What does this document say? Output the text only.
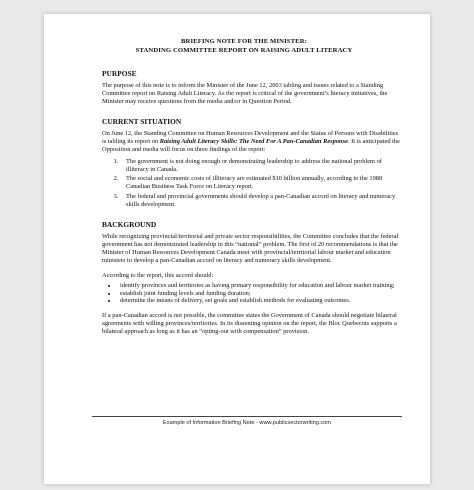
BRIEFING NOTE FOR THE MINISTER:
STANDING COMMITTEE REPORT ON RAISING ADULT LITERACY
PURPOSE

The purpose of this note is to inform the Minister of the June 12, 2003 tabling and issues related to a Standing Committee report on Raising Adult Literacy. As the report is critical of the government’s literacy initiatives, the Minister may receive questions from the media and/or in Question Period.

CURRENT SITUATION

On June 12, the Standing Committee on Human Resources Development and the Status of Persons with Disabilities is tabling its report on Raising Adult Literacy Skills: The Need For A Pan-Canadian Response. It is anticipated the Opposition and media will focus on three findings of the report:

1. The government is not doing enough or demonstrating leadership to address the national problem of illiteracy in Canada.
2. The social and economic costs of illiteracy are estimated $10 billion annually, according to the 1988 Canadian Business Task Force on Literacy report.
3. The federal and provincial governments should develop a pan-Canadian accord on literacy and numeracy skills development.
BACKGROUND

While recognizing provincial/territorial and private sector responsibilities, the Committee concludes that the federal government has not demonstrated leadership in this “national” problem. The first of 20 recommendations is that the Minister of Human Resources Development Canada meet with provincial/territorial labour market and education ministers to develop a pan-Canadian accord on literacy and numeracy skills development.

According to the report, this accord should:

• identify provinces and territories as having primary responsibility for education and labour market training;
• establish joint funding levels and funding duration;
• determine the means of delivery, set goals and establish methods for evaluating outcomes.

If a pan-Canadian accord is not possible, the committee states the Government of Canada should negotiate bilateral agreements with willing provinces/territories. In its dissenting opinion on the report, the Bloc Quebecois supports a bilateral approach as long as it has an “opting-out with compensation” provision.

Example of Information Briefing Note - www.publicsectorwriting.com
